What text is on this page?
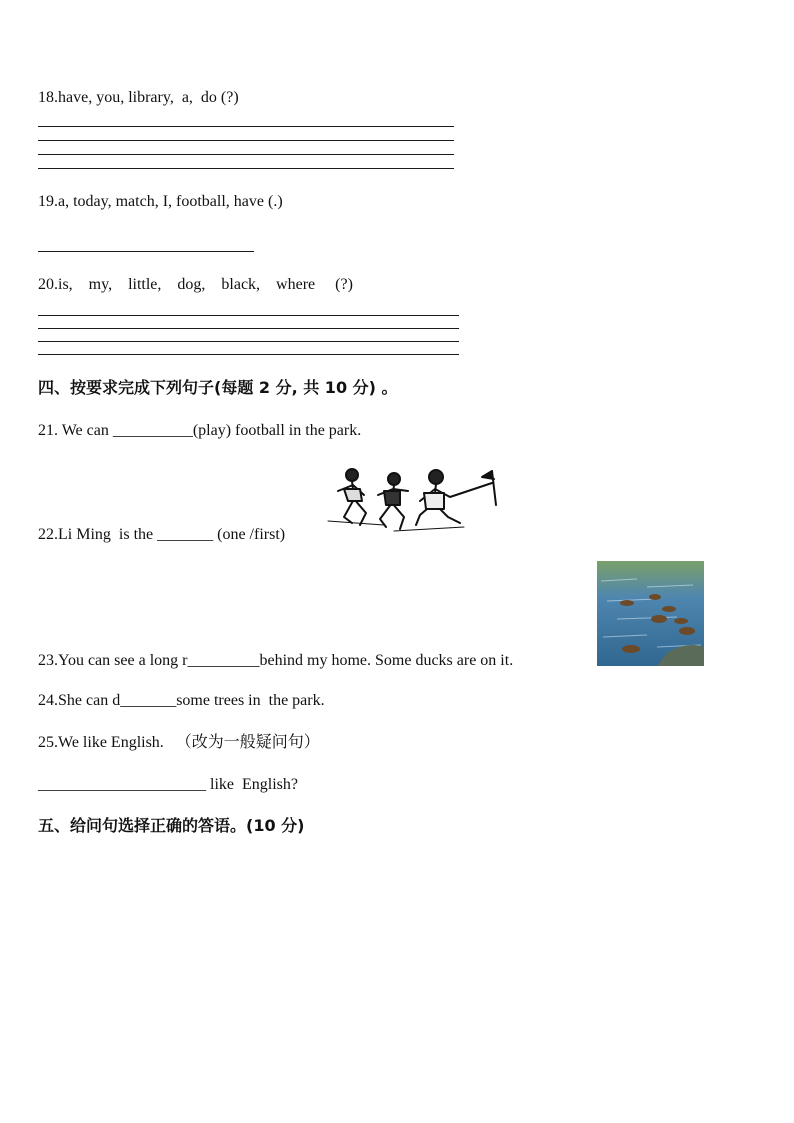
18.have, you, library,  a,  do (?)
19.a, today, match, I, football, have (.)
20.is,    my,    little,    dog,    black,    where     (?)
四、按要求完成下列句子(每题 2 分, 共 10 分) 。
21. We can __________(play) football in the park.
22.Li Ming  is the _______ (one /first)
23.You can see a long r_________behind my home. Some ducks are on it.
24.She can d_______some trees in  the park.
25.We like English.   （改为一般疑问句）
_____________________ like  English?
五、给问句选择正确的答语。(10 分)
